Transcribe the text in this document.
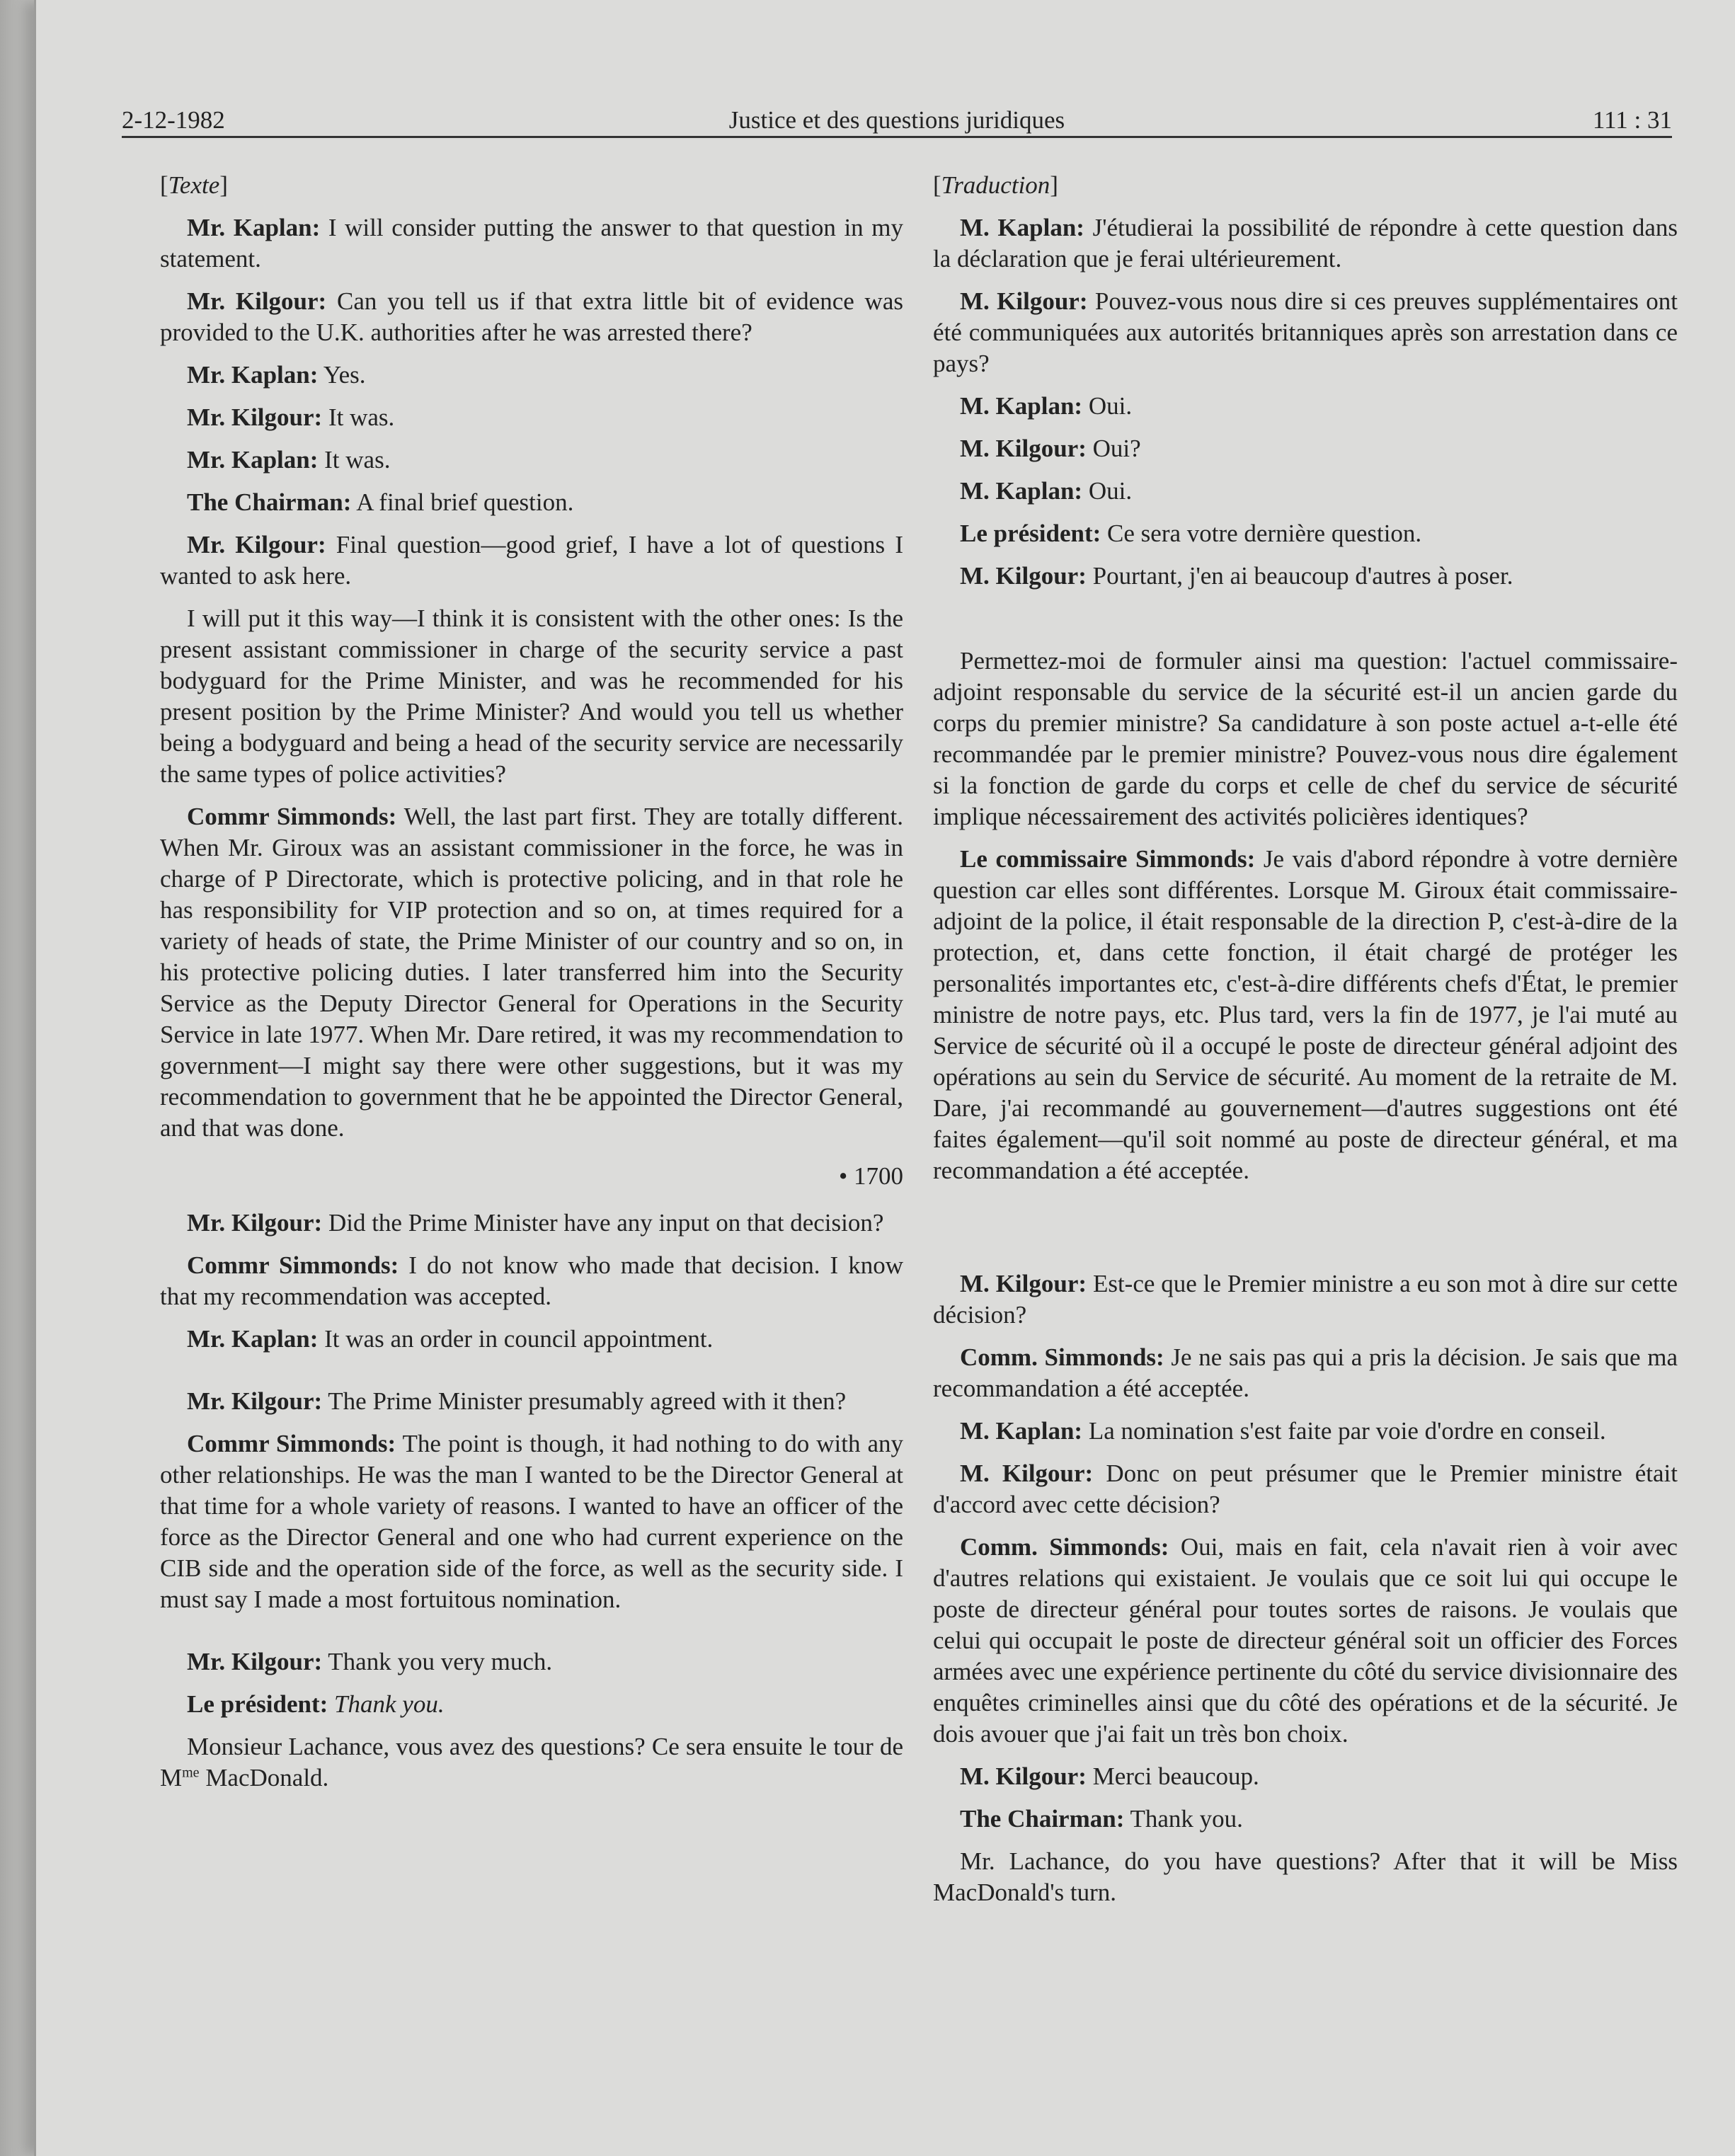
2-12-1982	Justice et des questions juridiques	111 : 31

[Texte]

Mr. Kaplan: I will consider putting the answer to that question in my statement.

Mr. Kilgour: Can you tell us if that extra little bit of evidence was provided to the U.K. authorities after he was arrested there?

Mr. Kaplan: Yes.

Mr. Kilgour: It was.

Mr. Kaplan: It was.

The Chairman: A final brief question.

Mr. Kilgour: Final question—good grief, I have a lot of questions I wanted to ask here.

I will put it this way—I think it is consistent with the other ones: Is the present assistant commissioner in charge of the security service a past bodyguard for the Prime Minister, and was he recommended for his present position by the Prime Minister? And would you tell us whether being a bodyguard and being a head of the security service are necessarily the same types of police activities?

Commr Simmonds: Well, the last part first. They are totally different. When Mr. Giroux was an assistant commissioner in the force, he was in charge of P Directorate, which is protective policing, and in that role he has responsibility for VIP protection and so on, at times required for a variety of heads of state, the Prime Minister of our country and so on, in his protective policing duties. I later transferred him into the Security Service as the Deputy Director General for Operations in the Security Service in late 1977. When Mr. Dare retired, it was my recommendation to government—I might say there were other suggestions, but it was my recommendation to government that he be appointed the Director General, and that was done.

• 1700

Mr. Kilgour: Did the Prime Minister have any input on that decision?

Commr Simmonds: I do not know who made that decision. I know that my recommendation was accepted.

Mr. Kaplan: It was an order in council appointment.

Mr. Kilgour: The Prime Minister presumably agreed with it then?

Commr Simmonds: The point is though, it had nothing to do with any other relationships. He was the man I wanted to be the Director General at that time for a whole variety of reasons. I wanted to have an officer of the force as the Director General and one who had current experience on the CIB side and the operation side of the force, as well as the security side. I must say I made a most fortuitous nomination.

Mr. Kilgour: Thank you very much.

Le président: Thank you.

Monsieur Lachance, vous avez des questions? Ce sera ensuite le tour de $M^{me}$ MacDonald.

[Traduction]

M. Kaplan: J'étudierai la possibilité de répondre à cette question dans la déclaration que je ferai ultérieurement.

M. Kilgour: Pouvez-vous nous dire si ces preuves supplémentaires ont été communiquées aux autorités britanniques après son arrestation dans ce pays?

M. Kaplan: Oui.

M. Kilgour: Oui?

M. Kaplan: Oui.

Le président: Ce sera votre dernière question.

M. Kilgour: Pourtant, j'en ai beaucoup d'autres à poser.

Permettez-moi de formuler ainsi ma question: l'actuel commissaire-adjoint responsable du service de la sécurité est-il un ancien garde du corps du premier ministre? Sa candidature à son poste actuel a-t-elle été recommandée par le premier ministre? Pouvez-vous nous dire également si la fonction de garde du corps et celle de chef du service de sécurité implique nécessairement des activités policières identiques?

Le commissaire Simmonds: Je vais d'abord répondre à votre dernière question car elles sont différentes. Lorsque M. Giroux était commissaire-adjoint de la police, il était responsable de la direction P, c'est-à-dire de la protection, et, dans cette fonction, il était chargé de protéger les personalités importantes etc, c'est-à-dire différents chefs d'État, le premier ministre de notre pays, etc. Plus tard, vers la fin de 1977, je l'ai muté au Service de sécurité où il a occupé le poste de directeur général adjoint des opérations au sein du Service de sécurité. Au moment de la retraite de M. Dare, j'ai recommandé au gouvernement—d'autres suggestions ont été faites également—qu'il soit nommé au poste de directeur général, et ma recommandation a été acceptée.

M. Kilgour: Est-ce que le Premier ministre a eu son mot à dire sur cette décision?

Comm. Simmonds: Je ne sais pas qui a pris la décision. Je sais que ma recommandation a été acceptée.

M. Kaplan: La nomination s'est faite par voie d'ordre en conseil.

M. Kilgour: Donc on peut présumer que le Premier ministre était d'accord avec cette décision?

Comm. Simmonds: Oui, mais en fait, cela n'avait rien à voir avec d'autres relations qui existaient. Je voulais que ce soit lui qui occupe le poste de directeur général pour toutes sortes de raisons. Je voulais que celui qui occupait le poste de directeur général soit un officier des Forces armées avec une expérience pertinente du côté du service divisionnaire des enquêtes criminelles ainsi que du côté des opérations et de la sécurité. Je dois avouer que j'ai fait un très bon choix.

M. Kilgour: Merci beaucoup.

The Chairman: Thank you.

Mr. Lachance, do you have questions? After that it will be Miss MacDonald's turn.
